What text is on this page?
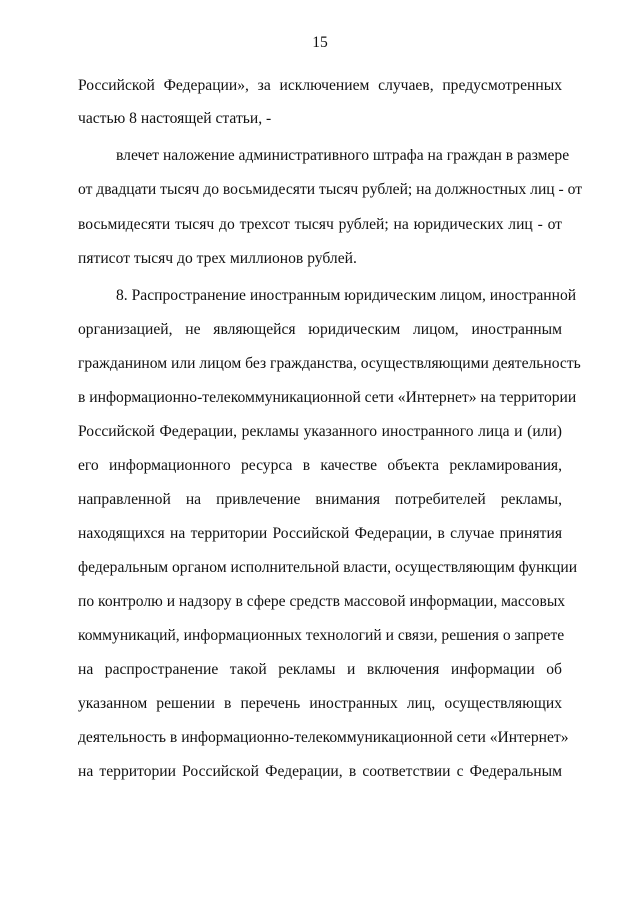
15
Российской Федерации», за исключением случаев, предусмотренных
частью 8 настоящей статьи, -
влечет наложение административного штрафа на граждан в размере
от двадцати тысяч до восьмидесяти тысяч рублей; на должностных лиц - от
восьмидесяти тысяч до трехсот тысяч рублей; на юридических лиц - от
пятисот тысяч до трех миллионов рублей.
8. Распространение иностранным юридическим лицом, иностранной
организацией, не являющейся юридическим лицом, иностранным
гражданином или лицом без гражданства, осуществляющими деятельность
в информационно-телекоммуникационной сети «Интернет» на территории
Российской Федерации, рекламы указанного иностранного лица и (или)
его информационного ресурса в качестве объекта рекламирования,
направленной на привлечение внимания потребителей рекламы,
находящихся на территории Российской Федерации, в случае принятия
федеральным органом исполнительной власти, осуществляющим функции
по контролю и надзору в сфере средств массовой информации, массовых
коммуникаций, информационных технологий и связи, решения о запрете
на распространение такой рекламы и включения информации об
указанном решении в перечень иностранных лиц, осуществляющих
деятельность в информационно-телекоммуникационной сети «Интернет»
на территории Российской Федерации, в соответствии с Федеральным
